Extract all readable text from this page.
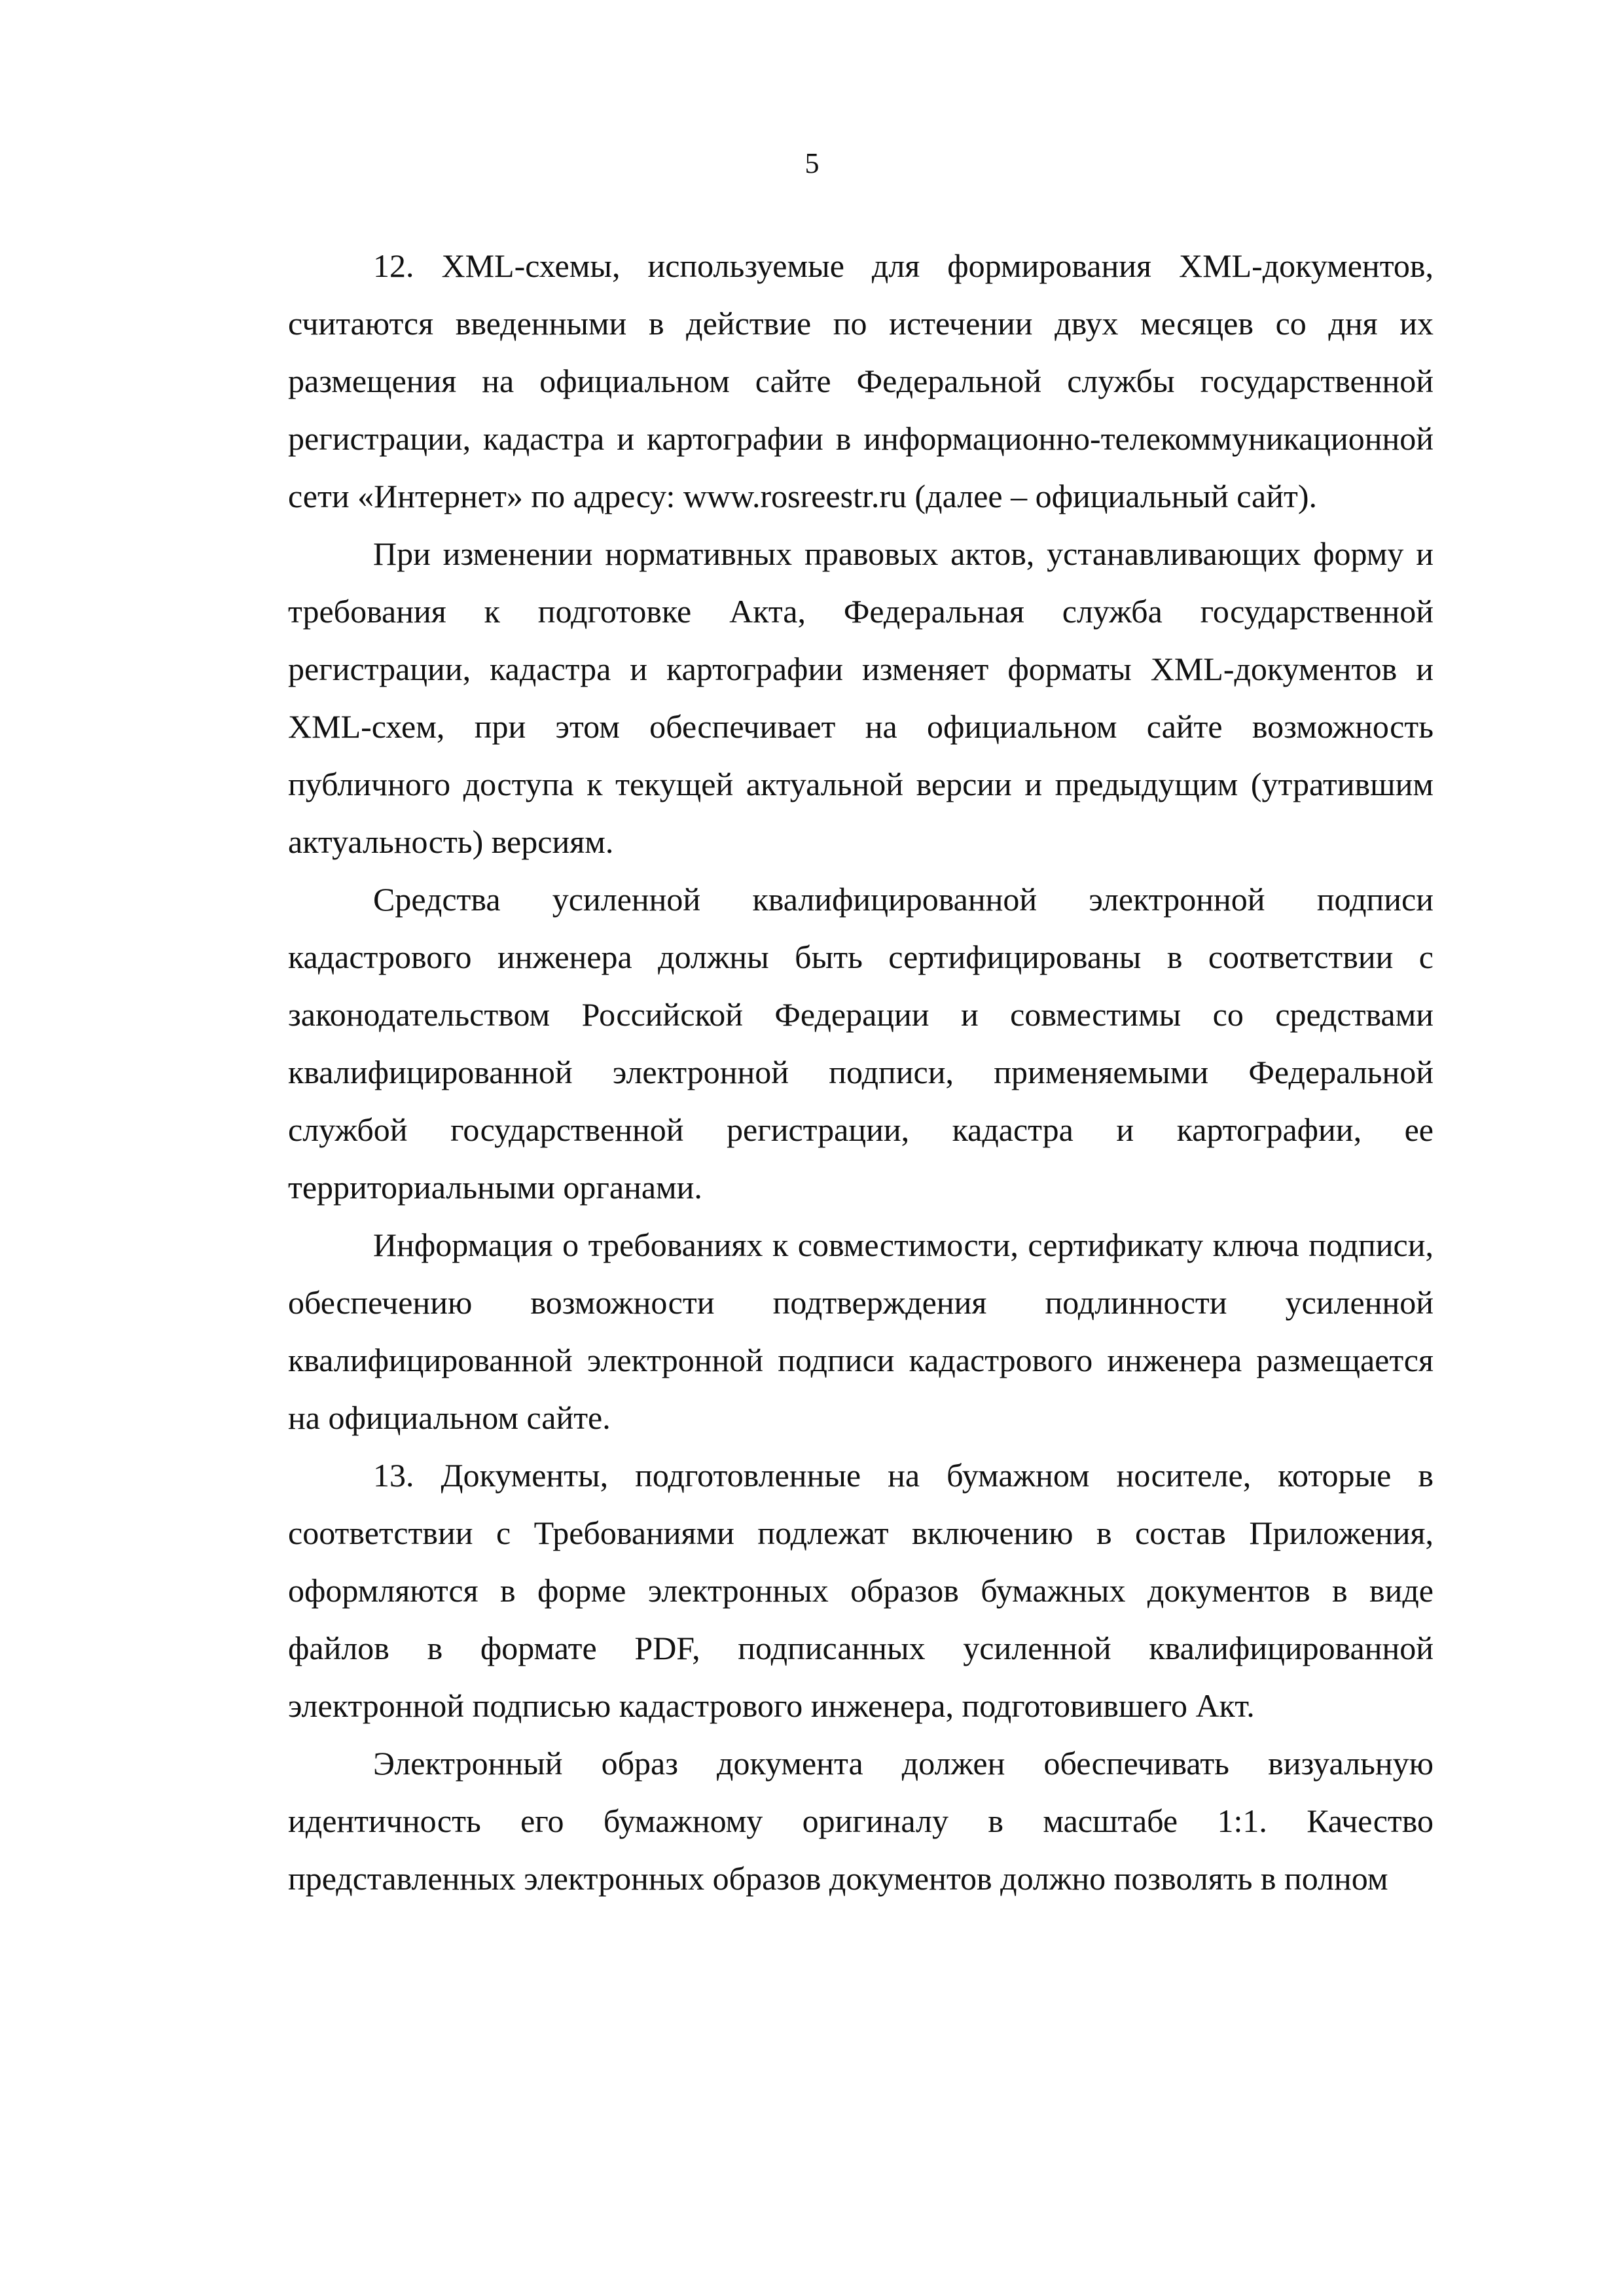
5

12. XML-схемы, используемые для формирования XML-документов, считаются введенными в действие по истечении двух месяцев со дня их размещения на официальном сайте Федеральной службы государственной регистрации, кадастра и картографии в информационно-телекоммуникационной сети «Интернет» по адресу: www.rosreestr.ru (далее – официальный сайт).

При изменении нормативных правовых актов, устанавливающих форму и требования к подготовке Акта, Федеральная служба государственной регистрации, кадастра и картографии изменяет форматы XML-документов и XML-схем, при этом обеспечивает на официальном сайте возможность публичного доступа к текущей актуальной версии и предыдущим (утратившим актуальность) версиям.

Средства усиленной квалифицированной электронной подписи кадастрового инженера должны быть сертифицированы в соответствии с законодательством Российской Федерации и совместимы со средствами квалифицированной электронной подписи, применяемыми Федеральной службой государственной регистрации, кадастра и картографии, ее территориальными органами.

Информация о требованиях к совместимости, сертификату ключа подписи, обеспечению возможности подтверждения подлинности усиленной квалифицированной электронной подписи кадастрового инженера размещается на официальном сайте.

13. Документы, подготовленные на бумажном носителе, которые в соответствии с Требованиями подлежат включению в состав Приложения, оформляются в форме электронных образов бумажных документов в виде файлов в формате PDF, подписанных усиленной квалифицированной электронной подписью кадастрового инженера, подготовившего Акт.

Электронный образ документа должен обеспечивать визуальную идентичность его бумажному оригиналу в масштабе 1:1. Качество представленных электронных образов документов должно позволять в полном
